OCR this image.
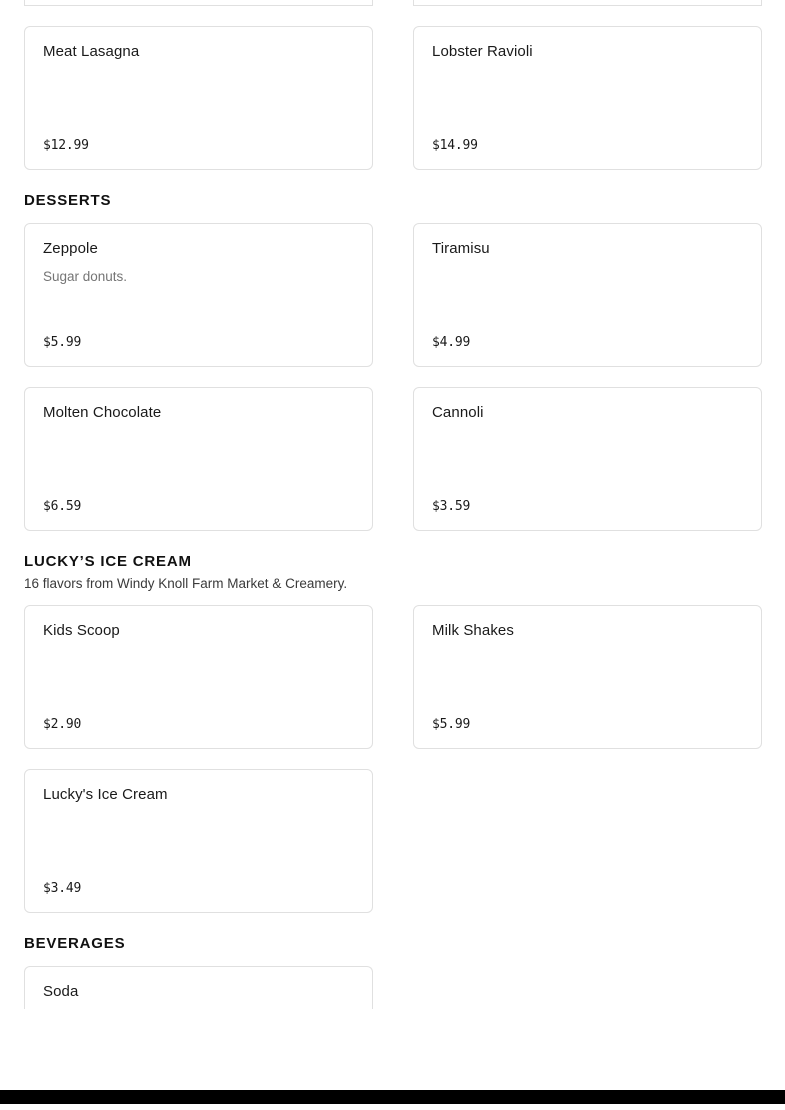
Meat Lasagna
$12.99
Lobster Ravioli
$14.99
DESSERTS
Zeppole
Sugar donuts.
$5.99
Tiramisu
$4.99
Molten Chocolate
$6.59
Cannoli
$3.59
LUCKY’S ICE CREAM
16 flavors from Windy Knoll Farm Market & Creamery.
Kids Scoop
$2.90
Milk Shakes
$5.99
Lucky's Ice Cream
$3.49
BEVERAGES
Soda
